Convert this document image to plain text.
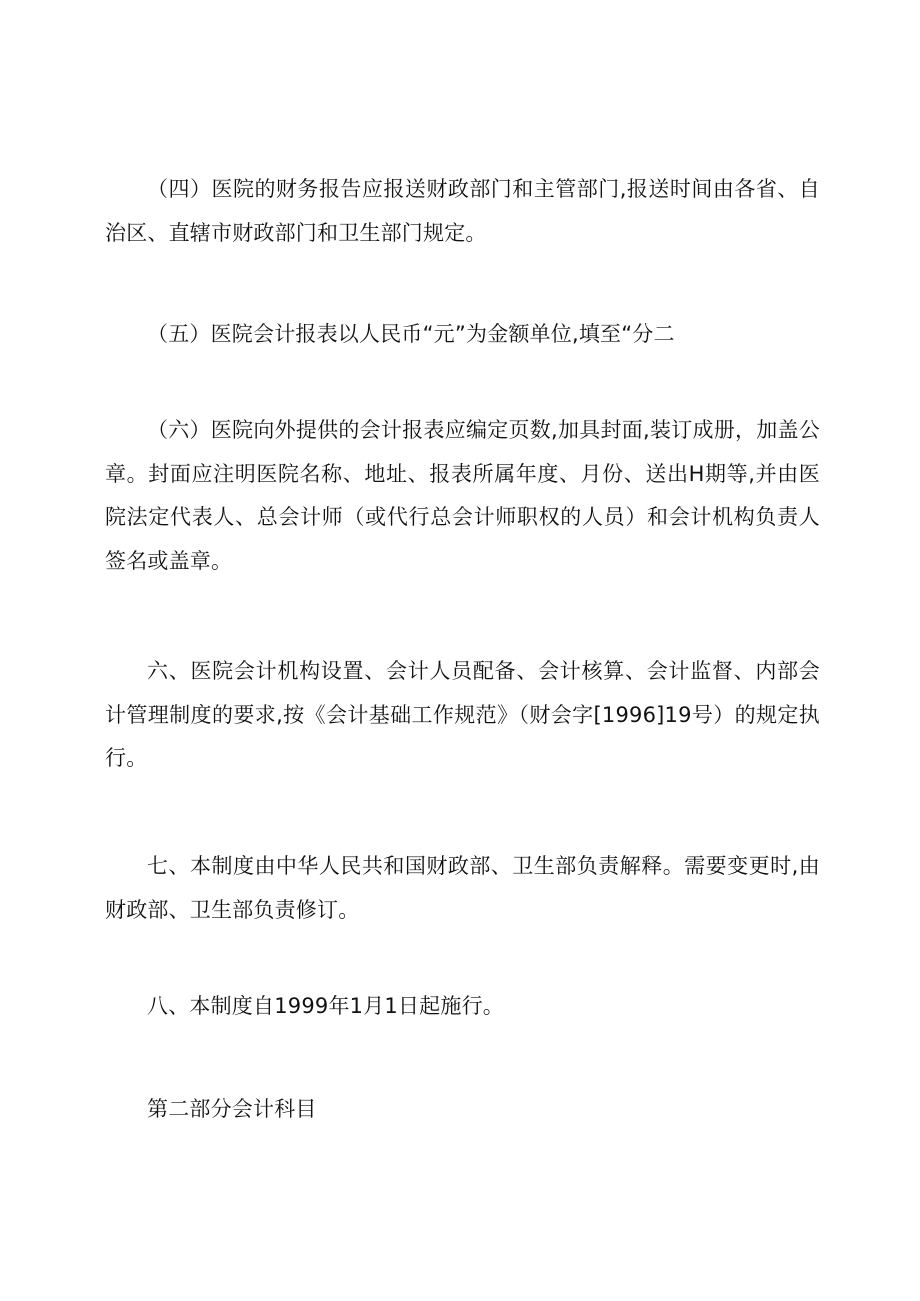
（四）医院的财务报告应报送财政部门和主管部门,报送时间由各省、自治区、直辖市财政部门和卫生部门规定。

（五）医院会计报表以人民币“元”为金额单位,填至“分二

（六）医院向外提供的会计报表应编定页数,加具封面,装订成册，加盖公章。封面应注明医院名称、地址、报表所属年度、月份、送出H期等,并由医院法定代表人、总会计师（或代行总会计师职权的人员）和会计机构负责人签名或盖章。

六、医院会计机构设置、会计人员配备、会计核算、会计监督、内部会计管理制度的要求,按《会计基础工作规范》（财会字[1996]19号）的规定执行。

七、本制度由中华人民共和国财政部、卫生部负责解释。需要变更时,由财政部、卫生部负责修订。

八、本制度自1999年1月1日起施行。

第二部分会计科目
